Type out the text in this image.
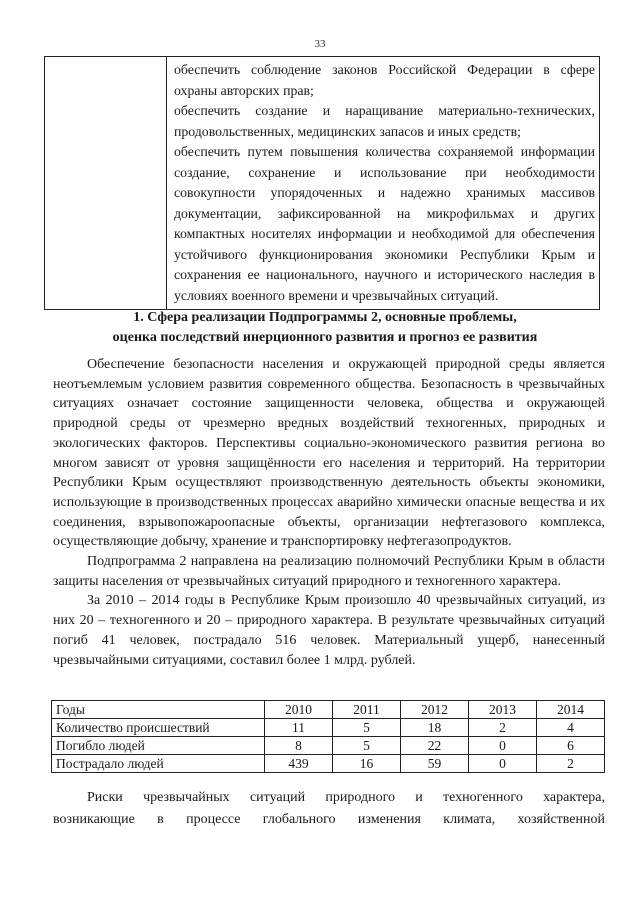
33

обеспечить соблюдение законов Российской Федерации в сфере охраны авторских прав;

обеспечить создание и наращивание материально-технических, продовольственных, медицинских запасов и иных средств;

обеспечить путем повышения количества сохраняемой информации создание, сохранение и использование при необходимости совокупности упорядоченных и надежно хранимых массивов документации, зафиксированной на микрофильмах и других компактных носителях информации и необходимой для обеспечения устойчивого функционирования экономики Республики Крым и сохранения ее национального, научного и исторического наследия в условиях военного времени и чрезвычайных ситуаций.

1. Сфера реализации Подпрограммы 2, основные проблемы,
оценка последствий инерционного развития и прогноз ее развития

Обеспечение безопасности населения и окружающей природной среды является неотъемлемым условием развития современного общества. Безопасность в чрезвычайных ситуациях означает состояние защищенности человека, общества и окружающей природной среды от чрезмерно вредных воздействий техногенных, природных и экологических факторов. Перспективы социально-экономического развития региона во многом зависят от уровня защищённости его населения и территорий. На территории Республики Крым осуществляют производственную деятельность объекты экономики, использующие в производственных процессах аварийно химически опасные вещества и их соединения, взрывопожароопасные объекты, организации нефтегазового комплекса, осуществляющие добычу, хранение и транспортировку нефтегазопродуктов.

Подпрограмма 2 направлена на реализацию полномочий Республики Крым в области защиты населения от чрезвычайных ситуаций природного и техногенного характера.

За 2010 – 2014 годы в Республике Крым произошло 40 чрезвычайных ситуаций, из них 20 – техногенного и 20 – природного характера. В результате чрезвычайных ситуаций погиб 41 человек, пострадало 516 человек. Материальный ущерб, нанесенный чрезвычайными ситуациями, составил более 1 млрд. рублей.

Годы	2010	2011	2012	2013	2014
Количество происшествий	11	5	18	2	4
Погибло людей	8	5	22	0	6
Пострадало людей	439	16	59	0	2

Риски чрезвычайных ситуаций природного и техногенного характера,

возникающие в процессе глобального изменения климата, хозяйственной
